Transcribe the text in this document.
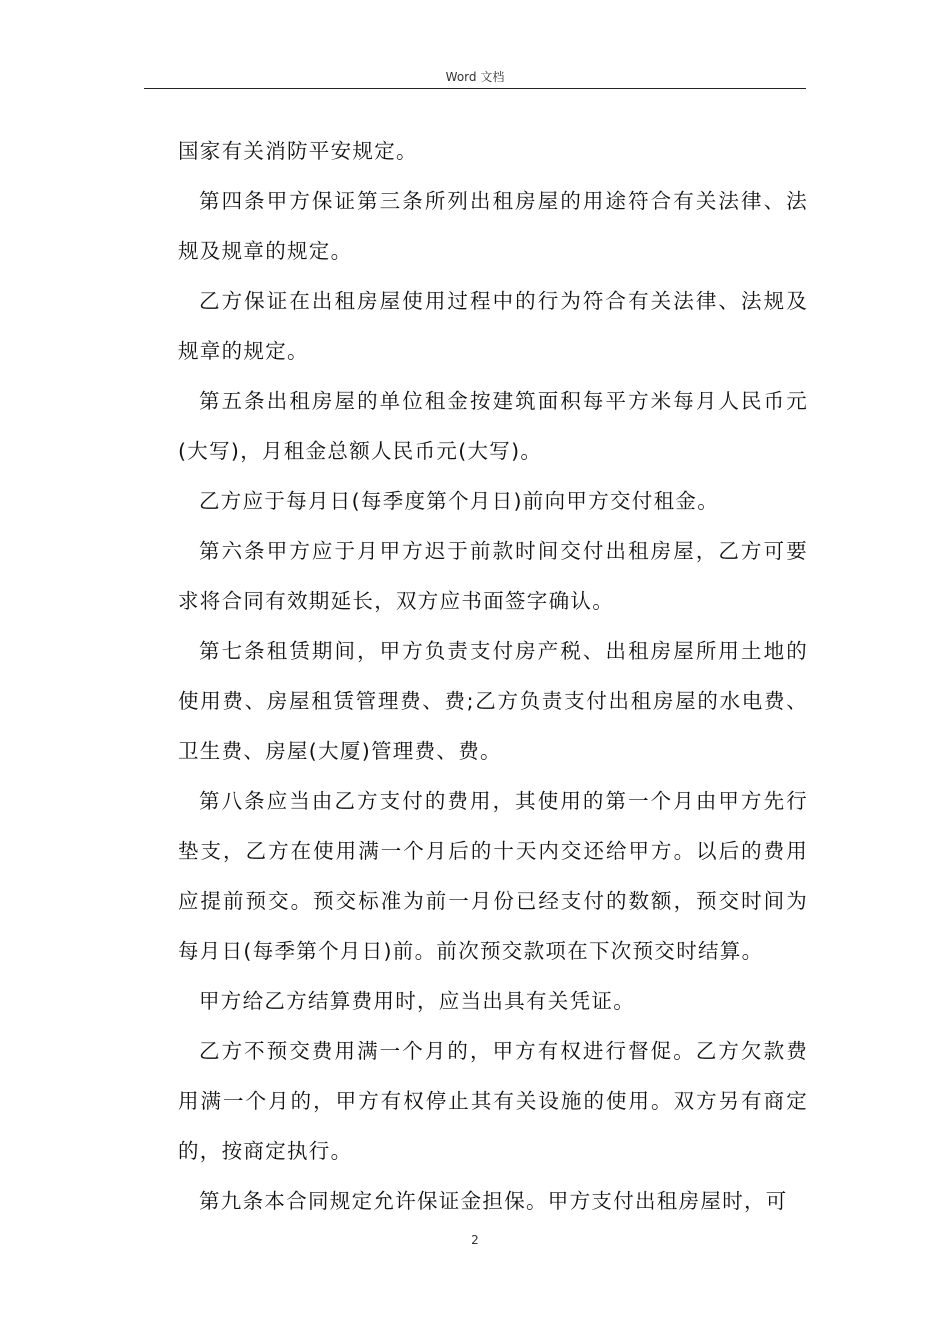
Word 文档

国家有关消防平安规定。

第四条甲方保证第三条所列出租房屋的用途符合有关法律、法规及规章的规定。

乙方保证在出租房屋使用过程中的行为符合有关法律、法规及规章的规定。

第五条出租房屋的单位租金按建筑面积每平方米每月人民币元(大写)，月租金总额人民币元(大写)。

乙方应于每月日(每季度第个月日)前向甲方交付租金。

第六条甲方应于月甲方迟于前款时间交付出租房屋，乙方可要求将合同有效期延长，双方应书面签字确认。

第七条租赁期间，甲方负责支付房产税、出租房屋所用土地的使用费、房屋租赁管理费、费;乙方负责支付出租房屋的水电费、卫生费、房屋(大厦)管理费、费。

第八条应当由乙方支付的费用，其使用的第一个月由甲方先行垫支，乙方在使用满一个月后的十天内交还给甲方。以后的费用应提前预交。预交标准为前一月份已经支付的数额，预交时间为每月日(每季第个月日)前。前次预交款项在下次预交时结算。

甲方给乙方结算费用时，应当出具有关凭证。

乙方不预交费用满一个月的，甲方有权进行督促。乙方欠款费用满一个月的，甲方有权停止其有关设施的使用。双方另有商定的，按商定执行。

第九条本合同规定允许保证金担保。甲方支付出租房屋时，可

2
